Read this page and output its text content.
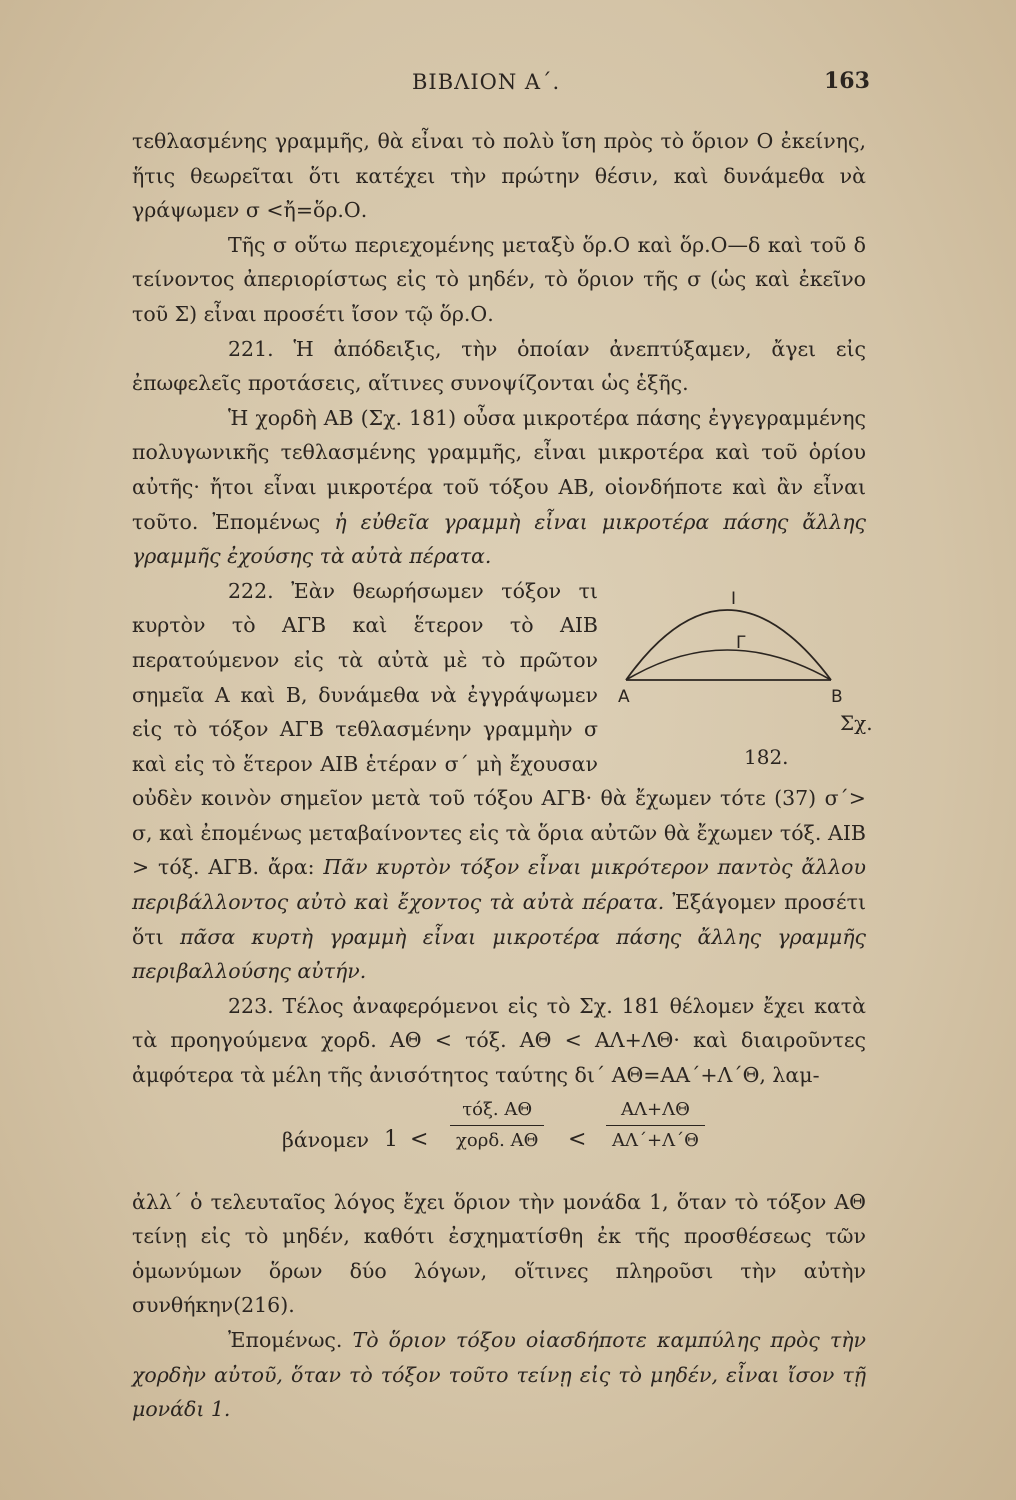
ΒΙΒΛΙΟΝ Α΄.	163

τεθλασμένης γραμμῆς, θὰ εἶναι τὸ πολὺ ἴση πρὸς τὸ ὅριον Ο ἐκείνης, ἥτις θεωρεῖται ὅτι κατέχει τὴν πρώτην θέσιν, καὶ δυνάμεθα νὰ γράψωμεν σ <ἤ=ὅρ.Ο.

Τῆς σ οὕτω περιεχομένης μεταξὺ ὅρ.Ο καὶ ὅρ.Ο—δ καὶ τοῦ δ τείνοντος ἀπεριορίστως εἰς τὸ μηδέν, τὸ ὅριον τῆς σ (ὡς καὶ ἐκεῖνο τοῦ Σ) εἶναι προσέτι ἴσον τῷ ὅρ.Ο.

221. Ἡ ἀπόδειξις, τὴν ὁποίαν ἀνεπτύξαμεν, ἄγει εἰς ἐπωφελεῖς προτάσεις, αἵτινες συνοψίζονται ὡς ἑξῆς.

Ἡ χορδὴ ΑΒ (Σχ. 181) οὖσα μικροτέρα πάσης ἐγγεγραμμένης πολυγωνικῆς τεθλασμένης γραμμῆς, εἶναι μικροτέρα καὶ τοῦ ὁρίου αὐτῆς· ἤτοι εἶναι μικροτέρα τοῦ τόξου ΑΒ, οἱονδήποτε καὶ ἂν εἶναι τοῦτο. Ἐπομένως ἡ εὐθεῖα γραμμὴ εἶναι μικροτέρα πάσης ἄλλης γραμμῆς ἐχούσης τὰ αὐτὰ πέρατα.

Ι
Γ
Α	Β
Σχ. 182.
222. Ἐὰν θεωρήσωμεν τόξον τι κυρτὸν τὸ ΑΓΒ καὶ ἕτερον τὸ ΑΙΒ περατούμενον εἰς τὰ αὐτὰ μὲ τὸ πρῶτον σημεῖα Α καὶ Β, δυνάμεθα νὰ ἐγγράψωμεν εἰς τὸ τόξον ΑΓΒ τεθλασμένην γραμμὴν σ καὶ εἰς τὸ ἕτερον ΑΙΒ ἑτέραν σ΄ μὴ ἔχουσαν οὐδὲν κοινὸν σημεῖον μετὰ τοῦ τόξου ΑΓΒ· θὰ ἔχωμεν τότε (37) σ΄> σ, καὶ ἐπομένως μεταβαίνοντες εἰς τὰ ὅρια αὐτῶν θὰ ἔχωμεν τόξ. ΑΙΒ > τόξ. ΑΓΒ. ἄρα: Πᾶν κυρτὸν τόξον εἶναι μικρότερον παντὸς ἄλλου περιβάλλοντος αὐτὸ καὶ ἔχοντος τὰ αὐτὰ πέρατα. Ἐξάγομεν προσέτι ὅτι πᾶσα κυρτὴ γραμμὴ εἶναι μικροτέρα πάσης ἄλλης γραμμῆς περιβαλλούσης αὐτήν.

223. Τέλος ἀναφερόμενοι εἰς τὸ Σχ. 181 θέλομεν ἔχει κατὰ τὰ προηγούμενα χορδ. ΑΘ < τόξ. ΑΘ < ΑΛ+ΛΘ· καὶ διαιροῦντες ἀμφότερα τὰ μέλη τῆς ἀνισότητος ταύτης δι΄ ΑΘ=ΑΑ΄+Λ΄Θ, λαμ-

βάνομεν 1 <
τόξ. ΑΘ
χορδ. $A\Theta < \frac{A\Lambda+\Lambda\Theta}{A\Lambda΄+\Lambda΄\Theta}$

ἀλλ΄ ὁ τελευταῖος λόγος ἔχει ὅριον τὴν μονάδα 1, ὅταν τὸ τόξον ΑΘ τείνῃ εἰς τὸ μηδέν, καθότι ἐσχηματίσθη ἐκ τῆς προσθέσεως τῶν ὁμωνύμων ὅρων δύο λόγων, οἵτινες πληροῦσι τὴν αὐτὴν συνθήκην(216).

Ἐπομένως. Τὸ ὅριον τόξου οἱασδήποτε καμπύλης πρὸς τὴν χορδὴν αὐτοῦ, ὅταν τὸ τόξον τοῦτο τείνῃ εἰς τὸ μηδέν, εἶναι ἴσον τῇ μονάδι 1.
